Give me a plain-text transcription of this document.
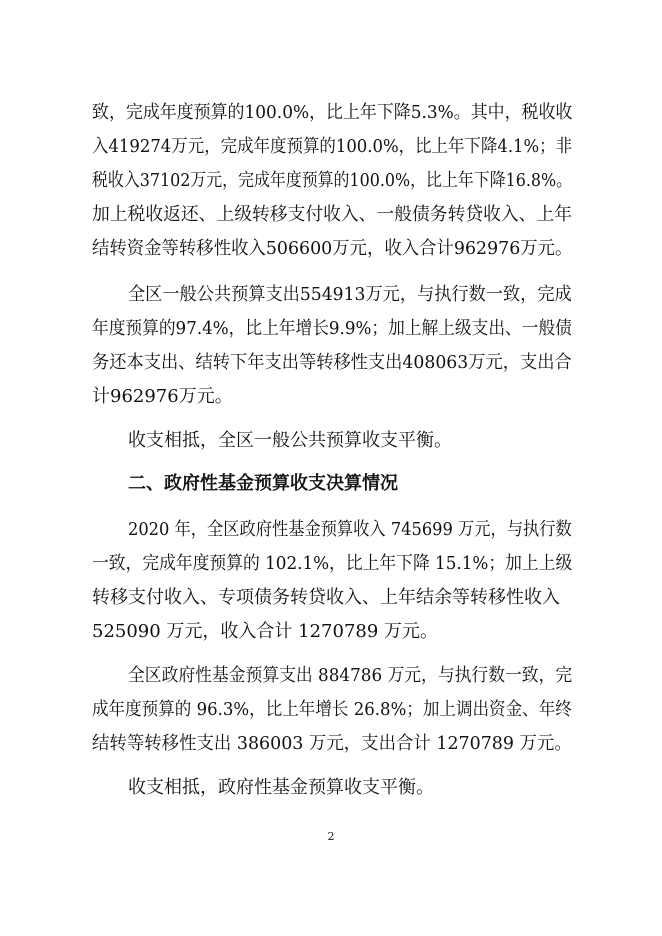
致，完成年度预算的100.0%，比上年下降5.3%。其中，税收收
入419274万元，完成年度预算的100.0%，比上年下降4.1%；非
税收入37102万元，完成年度预算的100.0%，比上年下降16.8%。
加上税收返还、上级转移支付收入、一般债务转贷收入、上年
结转资金等转移性收入506600万元，收入合计962976万元。
全区一般公共预算支出554913万元，与执行数一致，完成
年度预算的97.4%，比上年增长9.9%；加上解上级支出、一般债
务还本支出、结转下年支出等转移性支出408063万元，支出合
计962976万元。
收支相抵，全区一般公共预算收支平衡。
二、政府性基金预算收支决算情况
2020 年，全区政府性基金预算收入 745699 万元，与执行数
一致，完成年度预算的 102.1%，比上年下降 15.1%；加上上级
转移支付收入、专项债务转贷收入、上年结余等转移性收入
525090 万元，收入合计 1270789 万元。
全区政府性基金预算支出 884786 万元，与执行数一致，完
成年度预算的 96.3%，比上年增长 26.8%；加上调出资金、年终
结转等转移性支出 386003 万元，支出合计 1270789 万元。
收支相抵，政府性基金预算收支平衡。
2
